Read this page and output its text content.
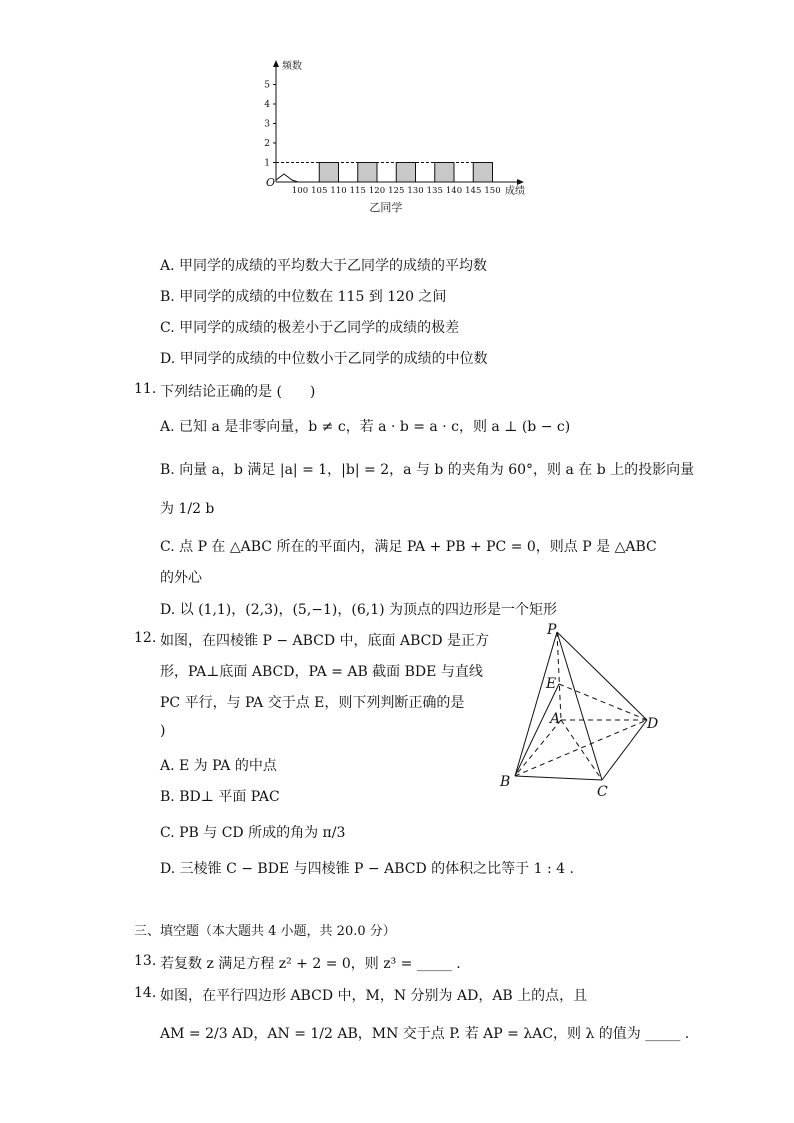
1
2
3
4
5
100 105 110 115 120 125 130 135 140 145 150
频数
成绩
O
乙同学
A. 甲同学的成绩的平均数大于乙同学的成绩的平均数
B. 甲同学的成绩的中位数在 115 到 120 之间
C. 甲同学的成绩的极差小于乙同学的成绩的极差
D. 甲同学的成绩的中位数小于乙同学的成绩的中位数
11. 下列结论正确的是 (　　)
A. 已知 a 是非零向量，b ≠ c，若 a · b = a · c，则 a ⊥ (b − c)
B. 向量 a，b 满足 |a| = 1，|b| = 2，a 与 b 的夹角为 60°，则 a 在 b 上的投影向量
为 1/2 b
C. 点 P 在 △ABC 所在的平面内，满足 PA + PB + PC = 0，则点 P 是 △ABC
的外心
D. 以 (1,1)，(2,3)，(5,−1)，(6,1) 为顶点的四边形是一个矩形
12. 如图，在四棱锥 P − ABCD 中，底面 ABCD 是正方
形，PA⊥底面 ABCD，PA = AB 截面 BDE 与直线
PC 平行，与 PA 交于点 E，则下列判断正确的是
)
A. E 为 PA 的中点
B. BD⊥ 平面 PAC
C. PB 与 CD 所成的角为 π/3
D. 三棱锥 C − BDE 与四棱锥 P − ABCD 的体积之比等于 1 : 4 .
P
E
A	D
B
C
三、填空题（本大题共 4 小题，共 20.0 分）
13. 若复数 z 满足方程 z² + 2 = 0，则 z³ = _____ .
14. 如图，在平行四边形 ABCD 中，M，N 分别为 AD，AB 上的点，且
AM = 2/3 AD，AN = 1/2 AB，MN 交于点 P. 若 AP = λAC，则 λ 的值为 _____ .
